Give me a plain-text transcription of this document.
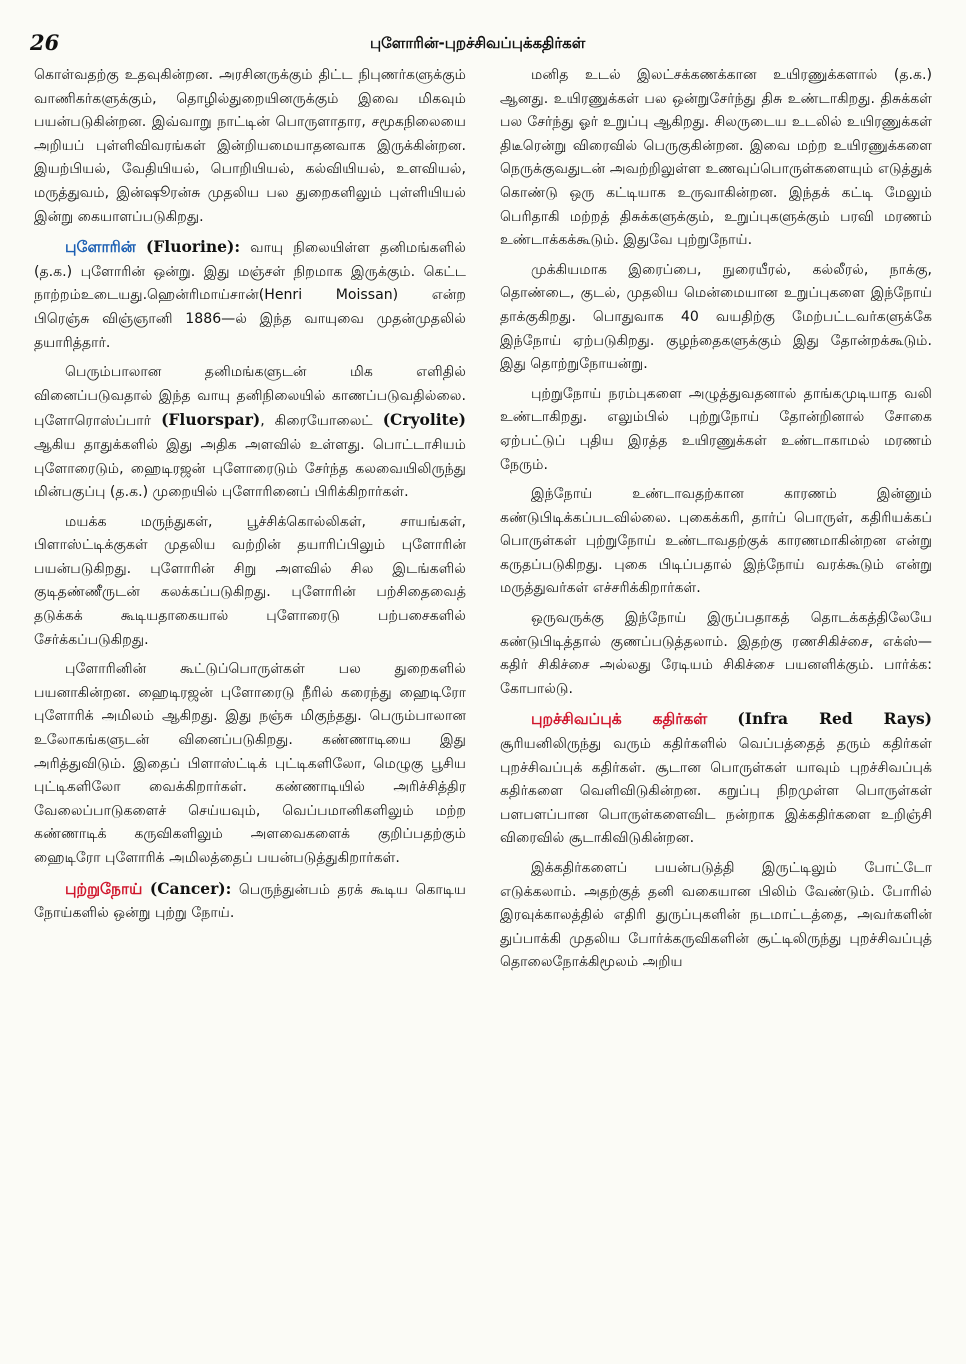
26	புளோரின்-புறச்சிவப்புக்கதிர்கள்

கொள்வதற்கு உதவுகின்றன. அரசினருக்கும் திட்ட நிபுணர்களுக்கும் வாணிகர்களுக்கும், தொழில்துறையினருக்கும் இவை மிகவும் பயன்படுகின்றன. இவ்வாறு நாட்டின் பொருளாதார, சமூகநிலையை அறியப் புள்ளிவிவரங்கள் இன்றியமையாதனவாக இருக்கின்றன. இயற்பியல், வேதியியல், பொறியியல், கல்வியியல், உளவியல், மருத்துவம், இன்ஷூரன்சு முதலிய பல துறைகளிலும் புள்ளியியல் இன்று கையாளப்படுகிறது.

புளோரின் (Fluorine): வாயு நிலையிள்ள தனிமங்களில் (த.க.) புளோரின் ஒன்று. இது மஞ்சள் நிறமாக இருக்கும். கெட்ட நாற்றம்உடையது.ஹென்ரிமாய்சான்(Henri Moissan) என்ற பிரெஞ்சு விஞ்ஞானி 1886—ல் இந்த வாயுவை முதன்முதலில் தயாரித்தார்.

பெரும்பாலான தனிமங்களுடன் மிக எளிதில் வினைப்படுவதால் இந்த வாயு தனிநிலையில் காணப்படுவதில்லை. புளோரொஸ்ப்பார் (Fluorspar), கிரையோலைட் (Cryolite) ஆகிய தாதுக்களில் இது அதிக அளவில் உள்ளது. பொட்டாசியம் புளோரைடும், ஹைடிரஜன் புளோரைடும் சேர்ந்த கலவையிலிருந்து மின்பகுப்பு (த.க.) முறையில் புளோரினைப் பிரிக்கிறார்கள்.

மயக்க மருந்துகள், பூச்சிக்கொல்லிகள், சாயங்கள், பிளாஸ்ட்டிக்குகள் முதலிய வற்றின் தயாரிப்பிலும் புளோரின் பயன்படுகிறது. புளோரின் சிறு அளவில் சில இடங்களில் குடிதண்ணீருடன் கலக்கப்படுகிறது. புளோரின் பற்சிதைவைத் தடுக்கக் கூடியதாகையால் புளோரைடு பற்பசைகளில் சேர்க்கப்படுகிறது.

புளோரினின் கூட்டுப்பொருள்கள் பல துறைகளில் பயனாகின்றன. ஹைடிரஜன் புளோரைடு நீரில் கரைந்து ஹைடிரோ புளோரிக் அமிலம் ஆகிறது. இது நஞ்சு மிகுந்தது. பெரும்பாலான உலோகங்களுடன் வினைப்படுகிறது. கண்ணாடியை இது அரித்துவிடும். இதைப் பிளாஸ்ட்டிக் புட்டிகளிலோ, மெழுகு பூசிய புட்டிகளிலோ வைக்கிறார்கள். கண்ணாடியில் அரிச்சித்திர வேலைப்பாடுகளைச் செய்யவும், வெப்பமானிகளிலும் மற்ற கண்ணாடிக் கருவிகளிலும் அளவைகளைக் குறிப்பதற்கும் ஹைடிரோ புளோரிக் அமிலத்தைப் பயன்படுத்துகிறார்கள்.

புற்றுநோய் (Cancer): பெருந்துன்பம் தரக் கூடிய கொடிய நோய்களில் ஒன்று புற்று நோய்.

மனித உடல் இலட்சக்கணக்கான உயிரணுக்களால் (த.க.) ஆனது. உயிரணுக்கள் பல ஒன்றுசேர்ந்து திசு உண்டாகிறது. திசுக்கள் பல சேர்ந்து ஓர் உறுப்பு ஆகிறது. சிலருடைய உடலில் உயிரணுக்கள் திடீரென்று விரைவில் பெருகுகின்றன. இவை மற்ற உயிரணுக்களை நெருக்குவதுடன் அவற்றிலுள்ள உணவுப்பொருள்களையும் எடுத்துக் கொண்டு ஒரு கட்டியாக உருவாகின்றன. இந்தக் கட்டி மேலும் பெரிதாகி மற்றத் திசுக்களுக்கும், உறுப்புகளுக்கும் பரவி மரணம் உண்டாக்கக்கூடும். இதுவே புற்றுநோய்.

முக்கியமாக இரைப்பை, நுரையீரல், கல்லீரல், நாக்கு, தொண்டை, குடல், முதலிய மென்மையான உறுப்புகளை இந்நோய் தாக்குகிறது. பொதுவாக 40 வயதிற்கு மேற்பட்டவர்களுக்கே இந்நோய் ஏற்படுகிறது. குழந்தைகளுக்கும் இது தோன்றக்கூடும். இது தொற்றுநோயன்று.

புற்றுநோய் நரம்புகளை அழுத்துவதனால் தாங்கமுடியாத வலி உண்டாகிறது. எலும்பில் புற்றுநோய் தோன்றினால் சோகை ஏற்பட்டுப் புதிய இரத்த உயிரணுக்கள் உண்டாகாமல் மரணம் நேரும்.

இந்நோய் உண்டாவதற்கான காரணம் இன்னும் கண்டுபிடிக்கப்படவில்லை. புகைக்கரி, தார்ப் பொருள், கதிரியக்கப் பொருள்கள் புற்றுநோய் உண்டாவதற்குக் காரணமாகின்றன என்று கருதப்படுகிறது. புகை பிடிப்பதால் இந்நோய் வரக்கூடும் என்று மருத்துவர்கள் எச்சரிக்கிறார்கள்.

ஒருவருக்கு இந்நோய் இருப்பதாகத் தொடக்கத்திலேயே கண்டுபிடித்தால் குணப்படுத்தலாம். இதற்கு ரணசிகிச்சை, எக்ஸ்—கதிர் சிகிச்சை அல்லது ரேடியம் சிகிச்சை பயனளிக்கும். பார்க்க: கோபால்டு.

புறச்சிவப்புக் கதிர்கள் (Infra Red Rays) சூரியனிலிருந்து வரும் கதிர்களில் வெப்பத்தைத் தரும் கதிர்கள் புறச்சிவப்புக் கதிர்கள். சூடான பொருள்கள் யாவும் புறச்சிவப்புக் கதிர்களை வெளிவிடுகின்றன. கறுப்பு நிறமுள்ள பொருள்கள் பளபளப்பான பொருள்களைவிட நன்றாக இக்கதிர்களை உறிஞ்சி விரைவில் சூடாகிவிடுகின்றன.

இக்கதிர்களைப் பயன்படுத்தி இருட்டிலும் போட்டோ எடுக்கலாம். அதற்குத் தனி வகையான பிலிம் வேண்டும். போரில் இரவுக்காலத்தில் எதிரி துருப்புகளின் நடமாட்டத்தை, அவர்களின் துப்பாக்கி முதலிய போர்க்கருவிகளின் சூட்டிலிருந்து புறச்சிவப்புத் தொலைநோக்கிமூலம் அறிய
